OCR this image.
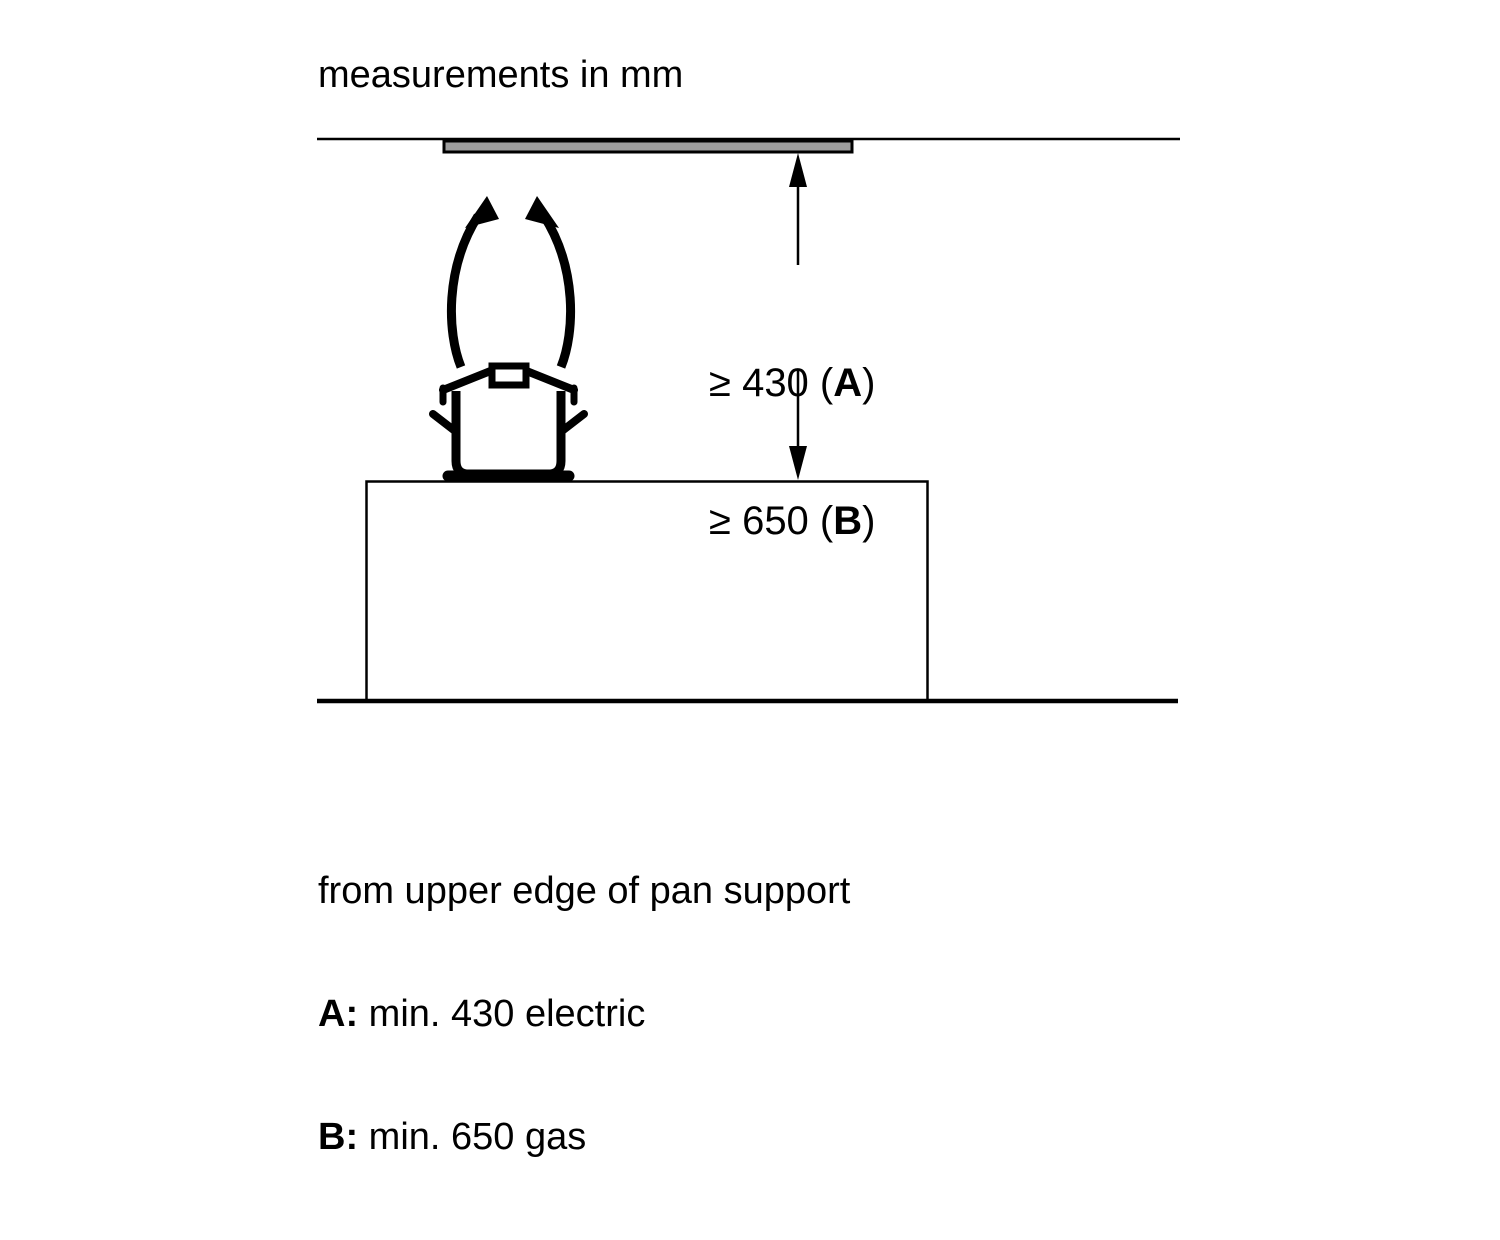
measurements in mm

≥ 430 (A)

≥ 650 (B)

from upper edge of pan support

A: min. 430 electric

B: min. 650 gas
